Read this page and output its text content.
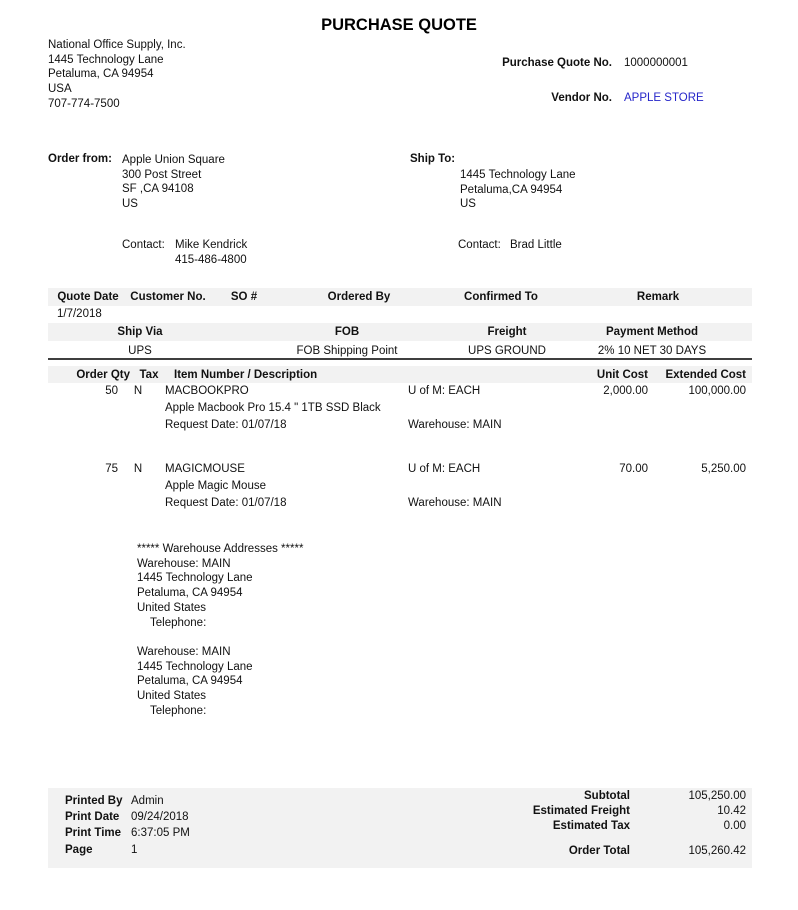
PURCHASE QUOTE
National Office Supply, Inc.
1445 Technology Lane
Petaluma, CA 94954
USA
707-774-7500
Purchase Quote No. 1000000001
Vendor No. APPLE STORE
Order from: Apple Union Square
300 Post Street
SF ,CA 94108
US
Contact: Mike Kendrick
415-486-4800
Ship To:
1445 Technology Lane
Petaluma,CA 94954
US
Contact: Brad Little
Quote Date	Customer No.	SO #	Ordered By	Confirmed To	Remark
1/7/2018
Ship Via	FOB	Freight	Payment Method
UPS	FOB Shipping Point	UPS GROUND	2% 10 NET 30 DAYS
Order Qty Tax	Item Number / Description	Unit Cost	Extended Cost
50	N	MACBOOKPRO	U of M: EACH	2,000.00	100,000.00
Apple Macbook Pro 15.4 " 1TB SSD Black
Request Date: 01/07/18	Warehouse: MAIN
75	N	MAGICMOUSE	U of M: EACH	70.00	5,250.00
Apple Magic Mouse
Request Date: 01/07/18	Warehouse: MAIN
***** Warehouse Addresses *****
Warehouse: MAIN
1445 Technology Lane
Petaluma, CA 94954
United States
Telephone:
Warehouse: MAIN
1445 Technology Lane
Petaluma, CA 94954
United States
Telephone:
Printed By Admin
Print Date 09/24/2018
Print Time 6:37:05 PM
Page	1
Subtotal	105,250.00
Estimated Freight	10.42
Estimated Tax	0.00
Order Total	105,260.42
